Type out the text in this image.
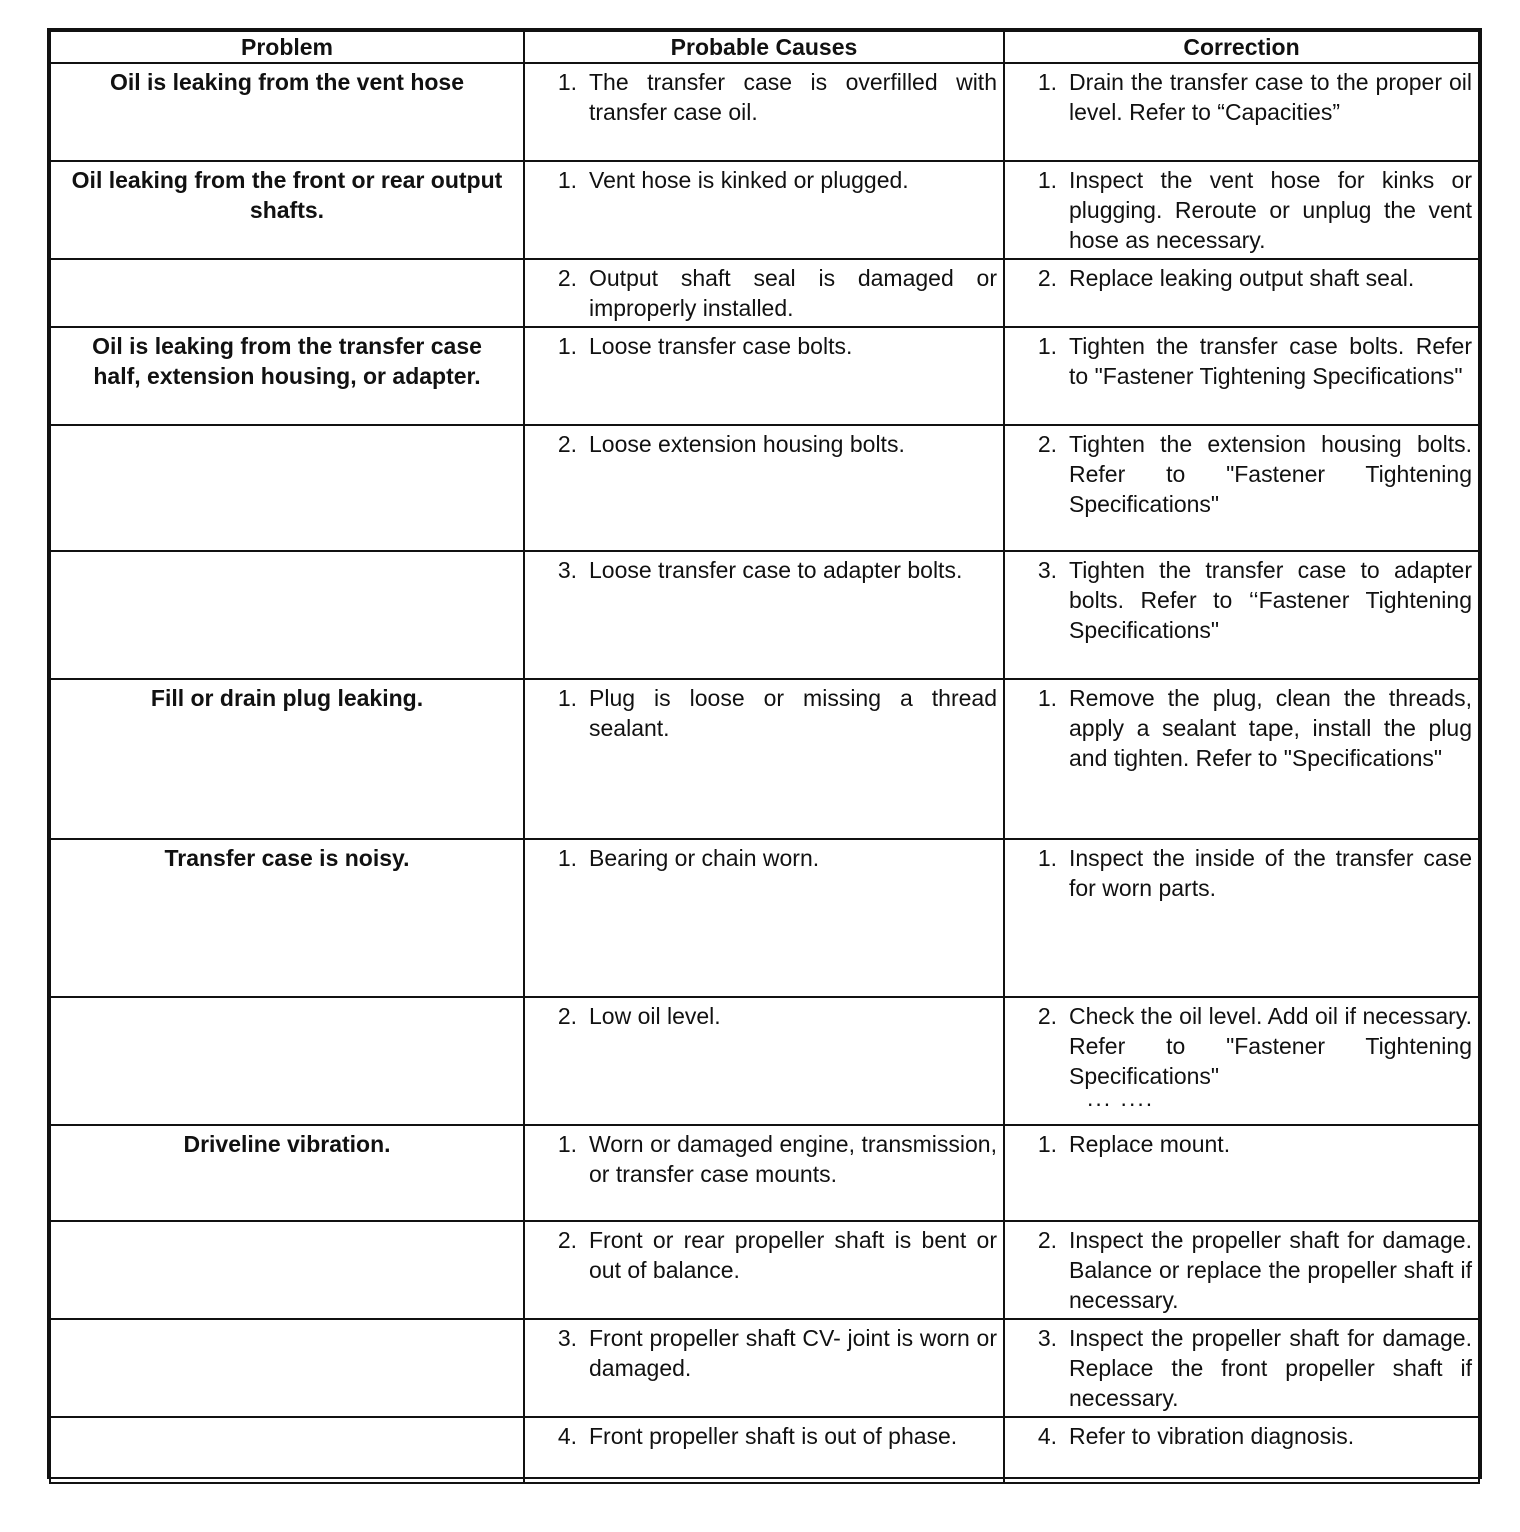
Problem	Probable Causes	Correction
Oil is leaking from the vent hose	1. The transfer case is overfilled with transfer case oil.	1. Drain the transfer case to the proper oil level. Refer to “Capacities”

Oil leaking from the front or rear output shafts.	1. Vent hose is kinked or plugged.	1. Inspect the vent hose for kinks or plugging. Reroute or unplug the vent hose as necessary.

	2. Output shaft seal is damaged or improperly installed.	2. Replace leaking output shaft seal.

Oil is leaking from the transfer case half, extension housing, or adapter.	1. Loose transfer case bolts.	1. Tighten the transfer case bolts. Refer to "Fastener Tightening Specifications"

	2. Loose extension housing bolts.	2. Tighten the extension housing bolts. Refer to "Fastener Tightening Specifications"

	3. Loose transfer case to adapter bolts.	3. Tighten the transfer case to adapter bolts. Refer to ‘‘Fastener Tightening Specifications"

Fill or drain plug leaking.	1. Plug is loose or missing a thread sealant.	1. Remove the plug, clean the threads, apply a sealant tape, install the plug and tighten. Refer to "Specifications"

Transfer case is noisy.	1. Bearing or chain worn.	1. Inspect the inside of the transfer case for worn parts.

	2. Low oil level.	2. Check the oil level. Add oil if necessary. Refer to "Fastener Tightening Specifications"
... ....

Driveline vibration.	1. Worn or damaged engine, transmission, or transfer case mounts.	1. Replace mount.

	2. Front or rear propeller shaft is bent or out of balance.	2. Inspect the propeller shaft for damage. Balance or replace the propeller shaft if necessary.

	3. Front propeller shaft CV- joint is worn or damaged.	3. Inspect the propeller shaft for damage. Replace the front propeller shaft if necessary.

	4. Front propeller shaft is out of phase.	4. Refer to vibration diagnosis.
